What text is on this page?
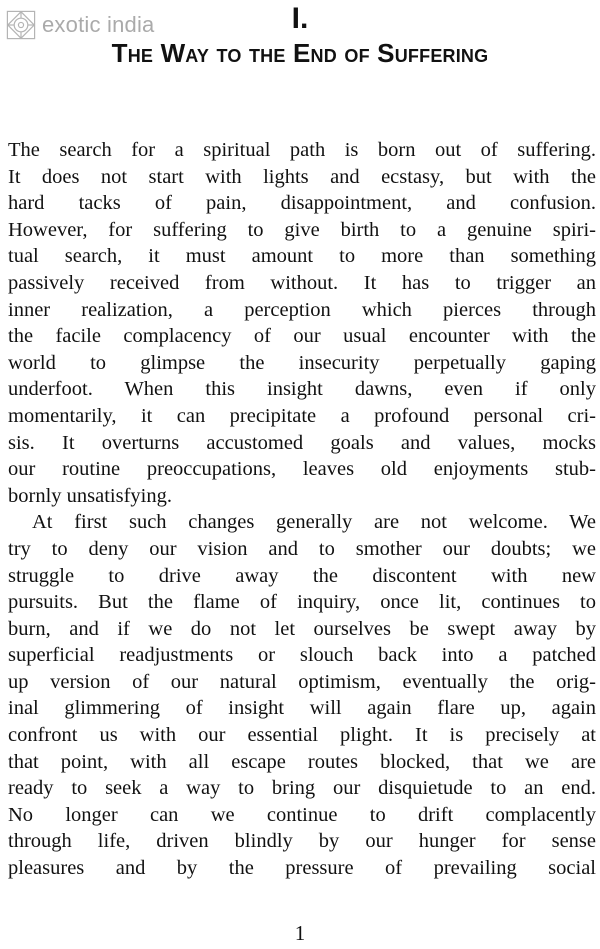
exotic india	I.
The Way to the End of Suffering
The search for a spiritual path is born out of suffering.
It does not start with lights and ecstasy, but with the
hard tacks of pain, disappointment, and confusion.
However, for suffering to give birth to a genuine spiri-
tual search, it must amount to more than something
passively received from without. It has to trigger an
inner realization, a perception which pierces through
the facile complacency of our usual encounter with the
world to glimpse the insecurity perpetually gaping
underfoot. When this insight dawns, even if only
momentarily, it can precipitate a profound personal cri-
sis. It overturns accustomed goals and values, mocks
our routine preoccupations, leaves old enjoyments stub-
bornly unsatisfying.
At first such changes generally are not welcome. We
try to deny our vision and to smother our doubts; we
struggle to drive away the discontent with new
pursuits. But the flame of inquiry, once lit, continues to
burn, and if we do not let ourselves be swept away by
superficial readjustments or slouch back into a patched
up version of our natural optimism, eventually the orig-
inal glimmering of insight will again flare up, again
confront us with our essential plight. It is precisely at
that point, with all escape routes blocked, that we are
ready to seek a way to bring our disquietude to an end.
No longer can we continue to drift complacently
through life, driven blindly by our hunger for sense
pleasures and by the pressure of prevailing social
1
